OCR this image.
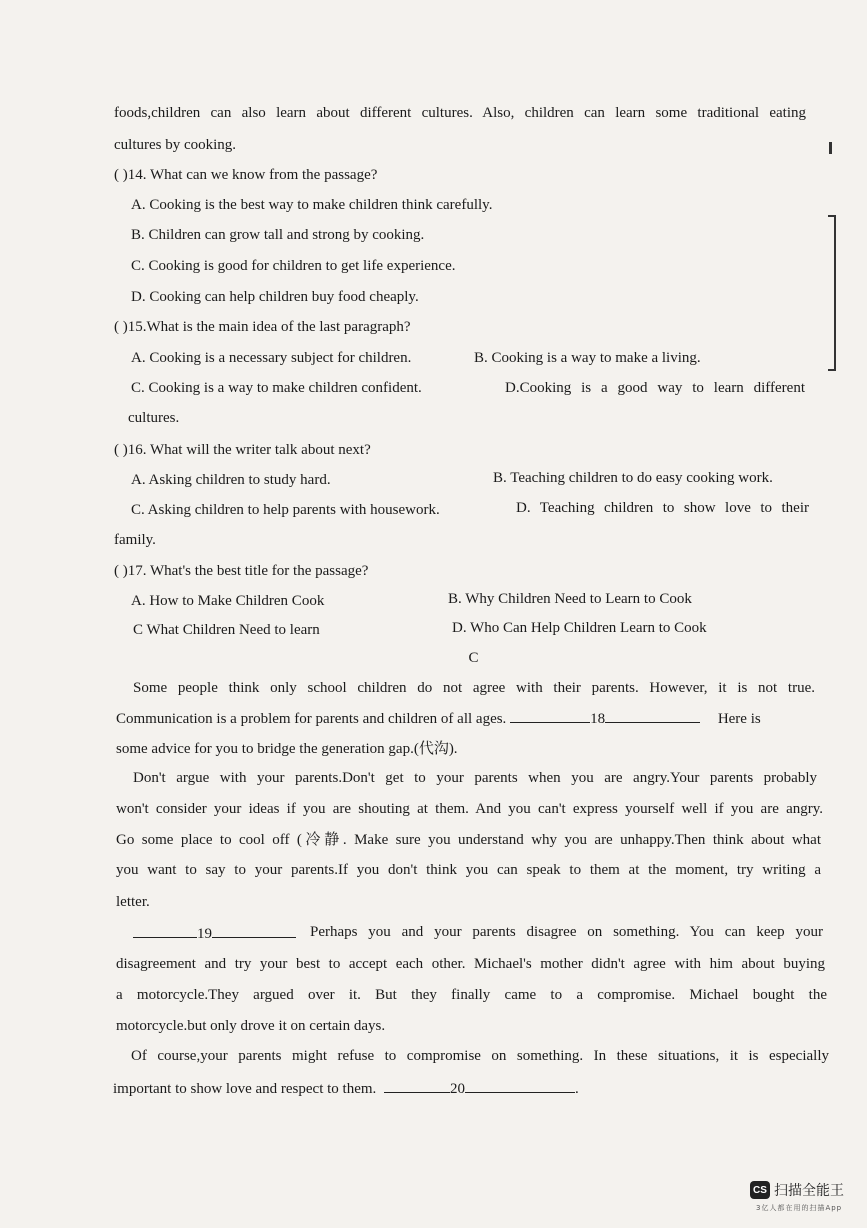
foods,children can also learn about different cultures. Also, children can learn some traditional eating
cultures by cooking.
( )14. What can we know from the passage?
A. Cooking is the best way to make children think carefully.
B. Children can grow tall and strong by cooking.
C. Cooking is good for children to get life experience.
D. Cooking can help children buy food cheaply.
( )15.What is the main idea of the last paragraph?
A. Cooking is a necessary subject for children.	B. Cooking is a way to make a living.
C. Cooking is a way to make children confident.	D.Cooking is a good way to learn different
cultures.
( )16. What will the writer talk about next?
A. Asking children to study hard.	B. Teaching children to do easy cooking work.
C. Asking children to help parents with housework.	D. Teaching children to show love to their
family.
( )17. What's the best title for the passage?
A. How to Make Children Cook	B. Why Children Need to Learn to Cook
C What Children Need to learn	D. Who Can Help Children Learn to Cook
C
Some people think only school children do not agree with their parents. However, it is not true.
Communication is a problem for parents and children of all ages.	18	Here is
some advice for you to bridge the generation gap.(代沟).
Don't argue with your parents.Don't get to your parents when you are angry.Your parents probably
won't consider your ideas if you are shouting at them. And you can't express yourself well if you are angry.
Go some place to cool off (冷静. Make sure you understand why you are unhappy.Then think about what
you want to say to your parents.If you don't think you can speak to them at the moment, try writing a
letter.
19	Perhaps you and your parents disagree on something. You can keep your
disagreement and try your best to accept each other. Michael's mother didn't agree with him about buying
a motorcycle.They argued over it. But they finally came to a compromise. Michael bought the
motorcycle.but only drove it on certain days.
Of course,your parents might refuse to compromise on something. In these situations, it is especially
important to show love and respect to them.	20	.
CS 扫描全能王
3亿人都在用的扫描App
